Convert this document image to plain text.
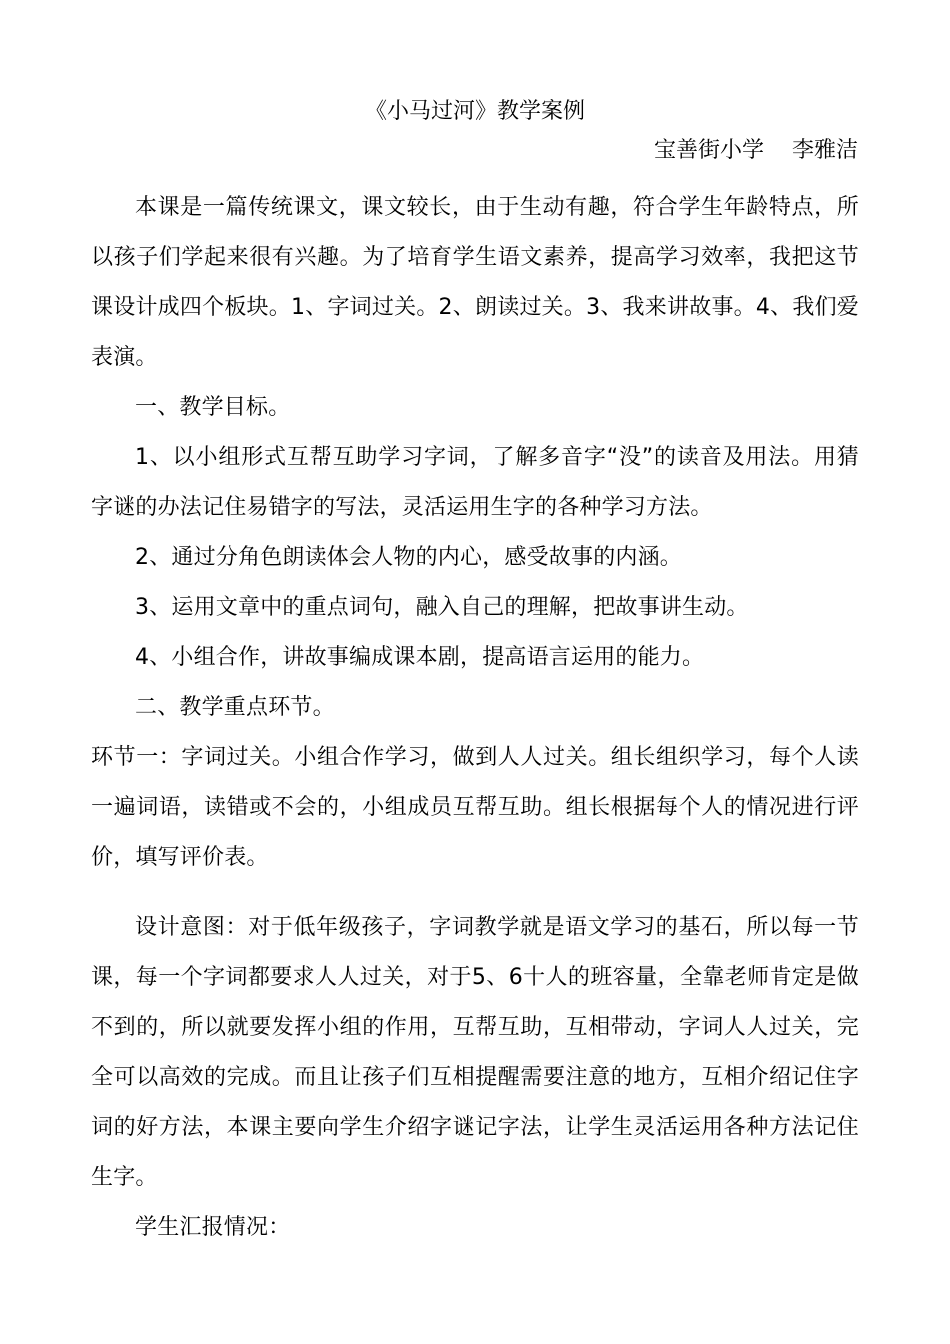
《小马过河》教学案例
宝善街小学    李雅洁

本课是一篇传统课文，课文较长，由于生动有趣，符合学生年龄特点，所以孩子们学起来很有兴趣。为了培育学生语文素养，提高学习效率，我把这节课设计成四个板块。1、字词过关。2、朗读过关。3、我来讲故事。4、我们爱表演。

一、教学目标。

1、以小组形式互帮互助学习字词，了解多音字“没”的读音及用法。用猜字谜的办法记住易错字的写法，灵活运用生字的各种学习方法。

2、通过分角色朗读体会人物的内心，感受故事的内涵。

3、运用文章中的重点词句，融入自己的理解，把故事讲生动。

4、小组合作，讲故事编成课本剧，提高语言运用的能力。

二、教学重点环节。

环节一：字词过关。小组合作学习，做到人人过关。组长组织学习，每个人读一遍词语，读错或不会的，小组成员互帮互助。组长根据每个人的情况进行评价，填写评价表。

设计意图：对于低年级孩子，字词教学就是语文学习的基石，所以每一节课，每一个字词都要求人人过关，对于5、6十人的班容量，全靠老师肯定是做不到的，所以就要发挥小组的作用，互帮互助，互相带动，字词人人过关，完全可以高效的完成。而且让孩子们互相提醒需要注意的地方，互相介绍记住字词的好方法，本课主要向学生介绍字谜记字法，让学生灵活运用各种方法记住生字。

学生汇报情况：
